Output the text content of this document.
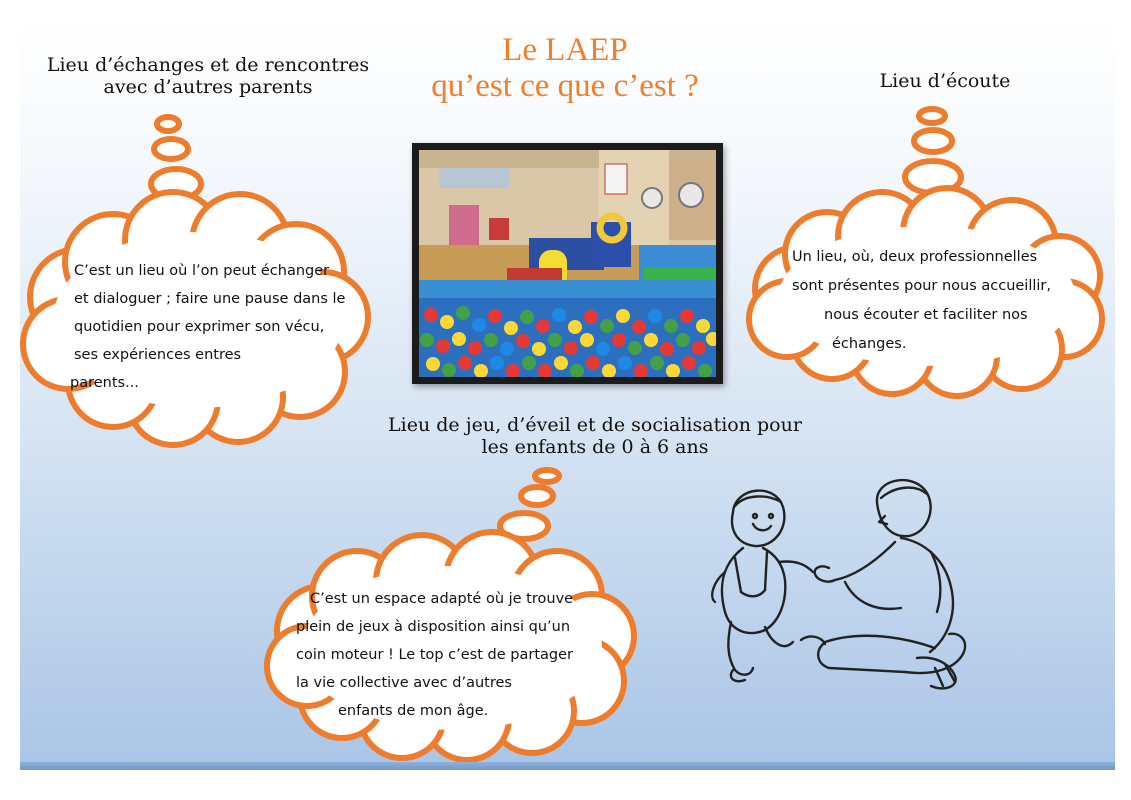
Lieu d’échanges et de rencontres
avec d’autres parents
Le LAEP
qu’est ce que c’est ?	Lieu d’écoute
Lieu de jeu, d’éveil et de socialisation pour
les enfants de 0 à 6 ans
C’est un lieu où l’on peut échanger
et dialoguer ; faire une pause dans le
quotidien pour exprimer son vécu,
ses expériences entres
parents...
Un lieu, où, deux professionnelles
sont présentes pour nous accueillir,
nous écouter et faciliter nos
échanges.
C’est un espace adapté où je trouve
plein de jeux à disposition ainsi qu’un
coin moteur ! Le top c’est de partager
la vie collective avec d’autres
enfants de mon âge.
